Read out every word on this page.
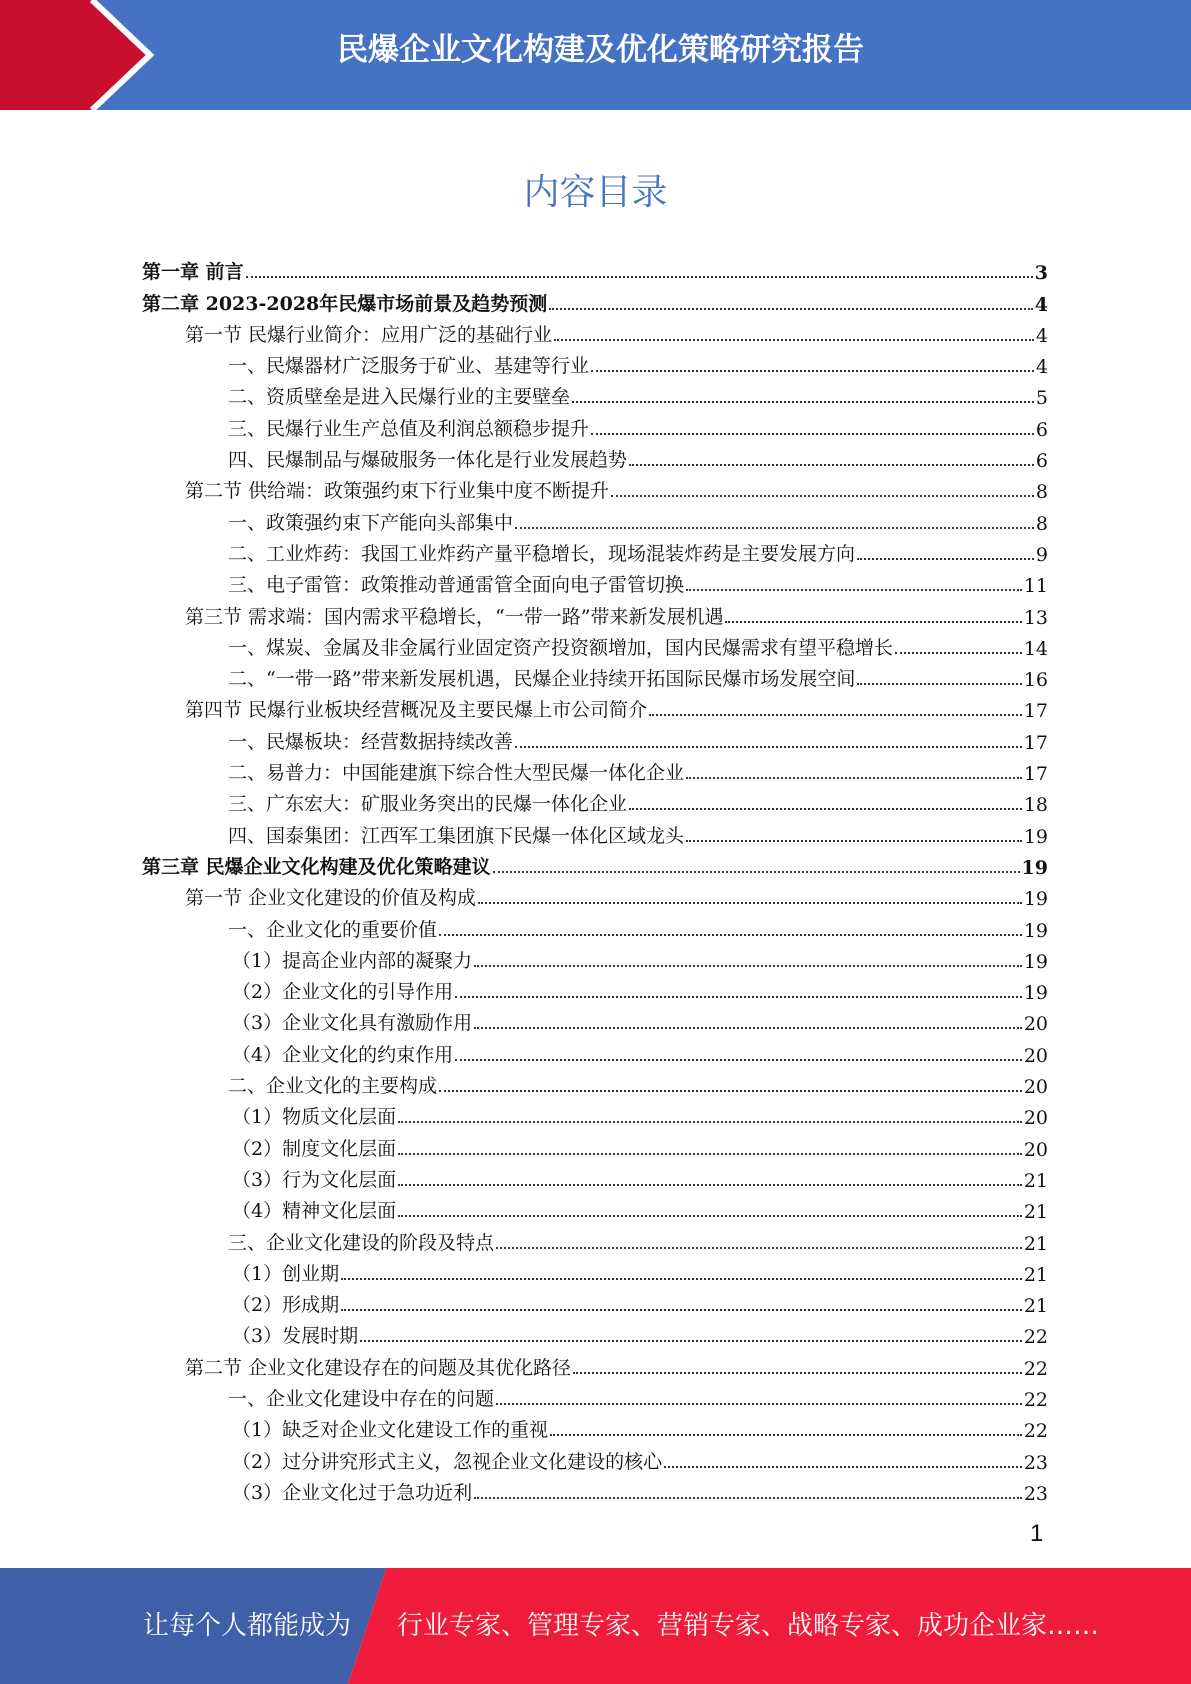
民爆企业文化构建及优化策略研究报告
内容目录
第一章 前言	3
第二章 2023-2028年民爆市场前景及趋势预测	4
第一节 民爆行业简介：应用广泛的基础行业	4
一、民爆器材广泛服务于矿业、基建等行业	4
二、资质壁垒是进入民爆行业的主要壁垒	5
三、民爆行业生产总值及利润总额稳步提升	6
四、民爆制品与爆破服务一体化是行业发展趋势	6
第二节 供给端：政策强约束下行业集中度不断提升	8
一、政策强约束下产能向头部集中	8
二、工业炸药：我国工业炸药产量平稳增长，现场混装炸药是主要发展方向	9
三、电子雷管：政策推动普通雷管全面向电子雷管切换	11
第三节 需求端：国内需求平稳增长，“一带一路”带来新发展机遇	13
一、煤炭、金属及非金属行业固定资产投资额增加，国内民爆需求有望平稳增长	14
二、“一带一路”带来新发展机遇，民爆企业持续开拓国际民爆市场发展空间	16
第四节 民爆行业板块经营概况及主要民爆上市公司简介	17
一、民爆板块：经营数据持续改善	17
二、易普力：中国能建旗下综合性大型民爆一体化企业	17
三、广东宏大：矿服业务突出的民爆一体化企业	18
四、国泰集团：江西军工集团旗下民爆一体化区域龙头	19
第三章 民爆企业文化构建及优化策略建议	19
第一节 企业文化建设的价值及构成	19
一、企业文化的重要价值	19
（1）提高企业内部的凝聚力	19
（2）企业文化的引导作用	19
（3）企业文化具有激励作用	20
（4）企业文化的约束作用	20
二、企业文化的主要构成	20
（1）物质文化层面	20
（2）制度文化层面	20
（3）行为文化层面	21
（4）精神文化层面	21
三、企业文化建设的阶段及特点	21
（1）创业期	21
（2）形成期	21
（3）发展时期	22
第二节 企业文化建设存在的问题及其优化路径	22
一、企业文化建设中存在的问题	22
（1）缺乏对企业文化建设工作的重视	22
（2）过分讲究形式主义，忽视企业文化建设的核心	23
（3）企业文化过于急功近利	23
1
让每个人都能成为 行业专家、管理专家、营销专家、战略专家、成功企业家……
